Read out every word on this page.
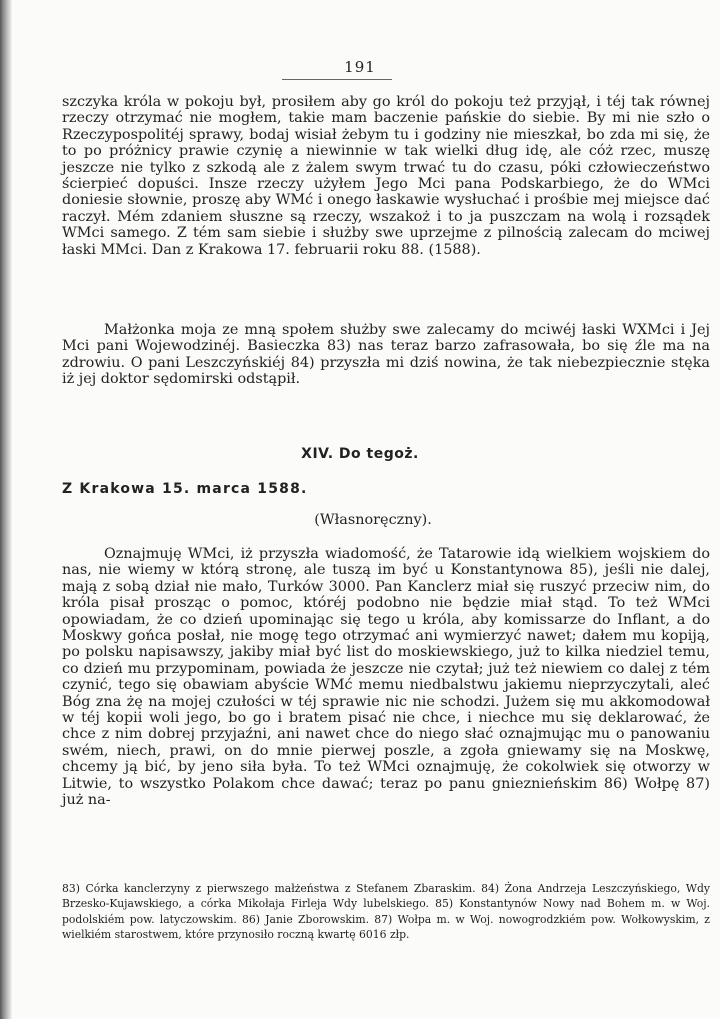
191
szczyka króla w pokoju był, prosiłem aby go król do pokoju też przyjął, i téj tak równej rzeczy otrzymać nie mogłem, takie mam baczenie pańskie do siebie. By mi nie szło o Rzeczypospolitéj sprawy, bodaj wisiał żebym tu i godziny nie mieszkał, bo zda mi się, że to po próżnicy prawie czynię a niewinnie w tak wielki dług idę, ale cóż rzec, muszę jeszcze nie tylko z szkodą ale z żalem swym trwać tu do czasu, póki człowieczeństwo ścierpieć dopuści. Insze rzeczy użyłem Jego Mci pana Podskarbiego, że do WMci doniesie słownie, proszę aby WMć i onego łaskawie wysłuchać i prośbie mej miejsce dać raczył. Mém zdaniem słuszne są rzeczy, wszakoż i to ja puszczam na wolą i rozsądek WMci samego. Z tém sam siebie i służby swe uprzejme z pilnością zalecam do mciwej łaski MMci. Dan z Krakowa 17. februarii roku 88. (1588).
Małżonka moja ze mną społem służby swe zalecamy do mciwéj łaski WXMci i Jej Mci pani Wojewodzinéj. Basieczka 83) nas teraz barzo zafrasowała, bo się źle ma na zdrowiu. O pani Leszczyńskiéj 84) przyszła mi dziś nowina, że tak niebezpiecznie stęka iż jej doktor sędomirski odstąpił.
XIV. Do tegoż.
Z Krakowa 15. marca 1588.
(Własnoręczny).
Oznajmuję WMci, iż przyszła wiadomość, że Tatarowie idą wielkiem wojskiem do nas, nie wiemy w którą stronę, ale tuszą im być u Konstantynowa 85), jeśli nie dalej, mają z sobą dział nie mało, Turków 3000. Pan Kanclerz miał się ruszyć przeciw nim, do króla pisał prosząc o pomoc, któréj podobno nie będzie miał stąd. To też WMci opowiadam, że co dzień upominając się tego u króla, aby komissarze do Inflant, a do Moskwy gońca posłał, nie mogę tego otrzymać ani wymierzyć nawet; dałem mu kopiją, po polsku napisawszy, jakiby miał być list do moskiewskiego, już to kilka niedziel temu, co dzień mu przypominam, powiada że jeszcze nie czytał; już też niewiem co dalej z tém czynić, tego się obawiam abyście WMć memu niedbalstwu jakiemu nieprzyczytali, aleć Bóg zna żę na mojej czułości w téj sprawie nic nie schodzi. Jużem się mu akkomodował w téj kopii woli jego, bo go i bratem pisać nie chce, i niechce mu się deklarować, że chce z nim dobrej przyjaźni, ani nawet chce do niego słać oznajmując mu o panowaniu swém, niech, prawi, on do mnie pierwej poszle, a zgoła gniewamy się na Moskwę, chcemy ją bić, by jeno siła była. To też WMci oznajmuję, że cokolwiek się otworzy w Litwie, to wszystko Polakom chce dawać; teraz po panu gnieznieńskim 86) Wołpę 87) już na-
83) Córka kanclerzyny z pierwszego małżeństwa z Stefanem Zbaraskim. 84) Żona Andrzeja Leszczyńskiego, Wdy Brzesko-Kujawskiego, a córka Mikołaja Firleja Wdy lubelskiego. 85) Konstantynów Nowy nad Bohem m. w Woj. podolskiém pow. latyczowskim. 86) Janie Zborowskim. 87) Wołpa m. w Woj. nowogrodzkiém pow. Wołkowyskim, z wielkiém starostwem, które przynosiło roczną kwartę 6016 złp.
